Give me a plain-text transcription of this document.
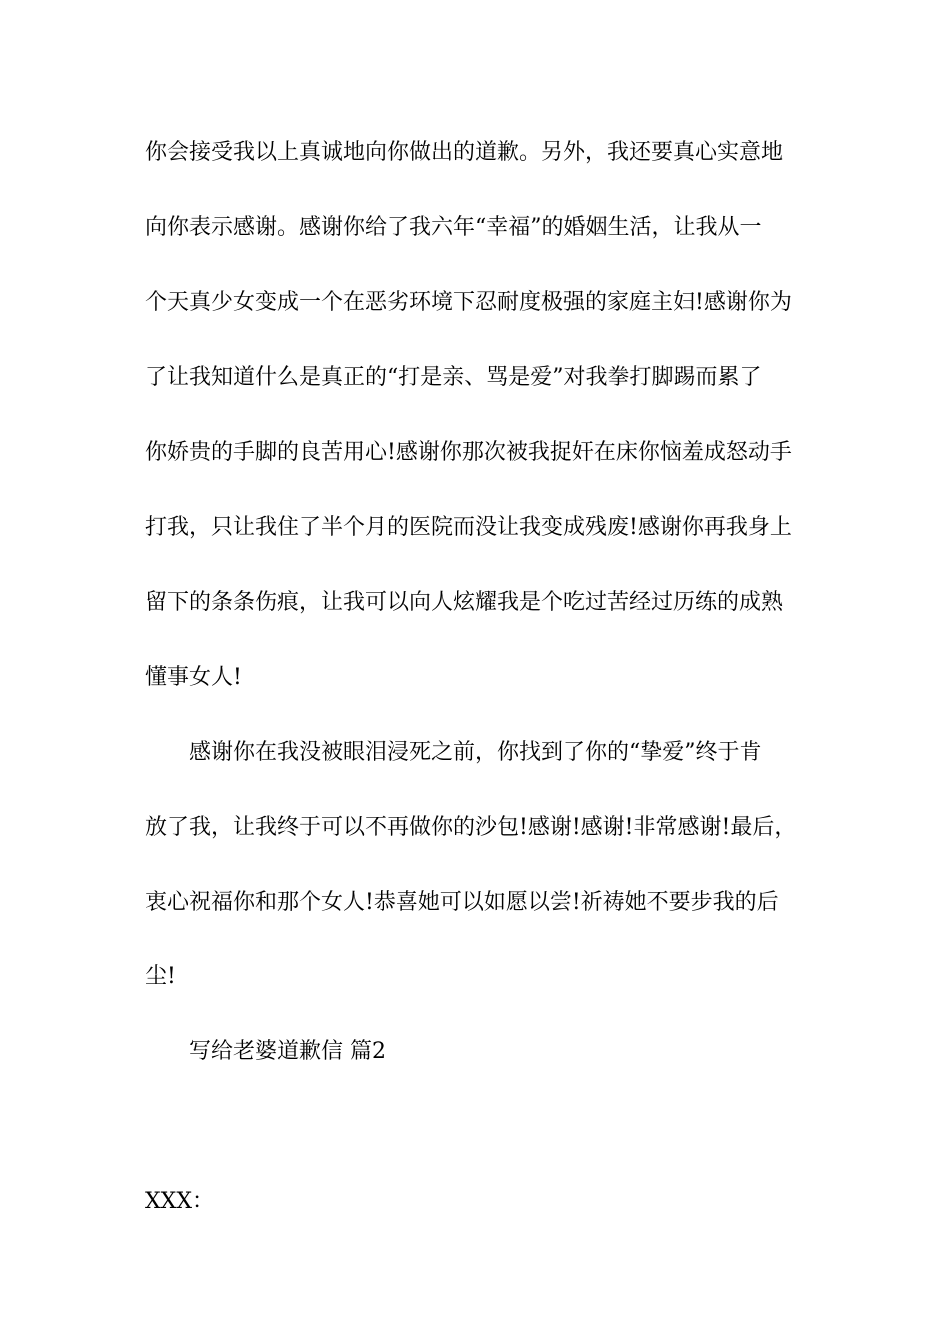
你会接受我以上真诚地向你做出的道歉。另外，我还要真心实意地
向你表示感谢。感谢你给了我六年“幸福”的婚姻生活，让我从一
个天真少女变成一个在恶劣环境下忍耐度极强的家庭主妇!感谢你为
了让我知道什么是真正的“打是亲、骂是爱”对我拳打脚踢而累了
你娇贵的手脚的良苦用心!感谢你那次被我捉奸在床你恼羞成怒动手
打我，只让我住了半个月的医院而没让我变成残废!感谢你再我身上
留下的条条伤痕，让我可以向人炫耀我是个吃过苦经过历练的成熟
懂事女人!
感谢你在我没被眼泪浸死之前，你找到了你的“挚爱”终于肯
放了我，让我终于可以不再做你的沙包!感谢!感谢!非常感谢!最后，
衷心祝福你和那个女人!恭喜她可以如愿以尝!祈祷她不要步我的后
尘!
写给老婆道歉信 篇2
XXX：
